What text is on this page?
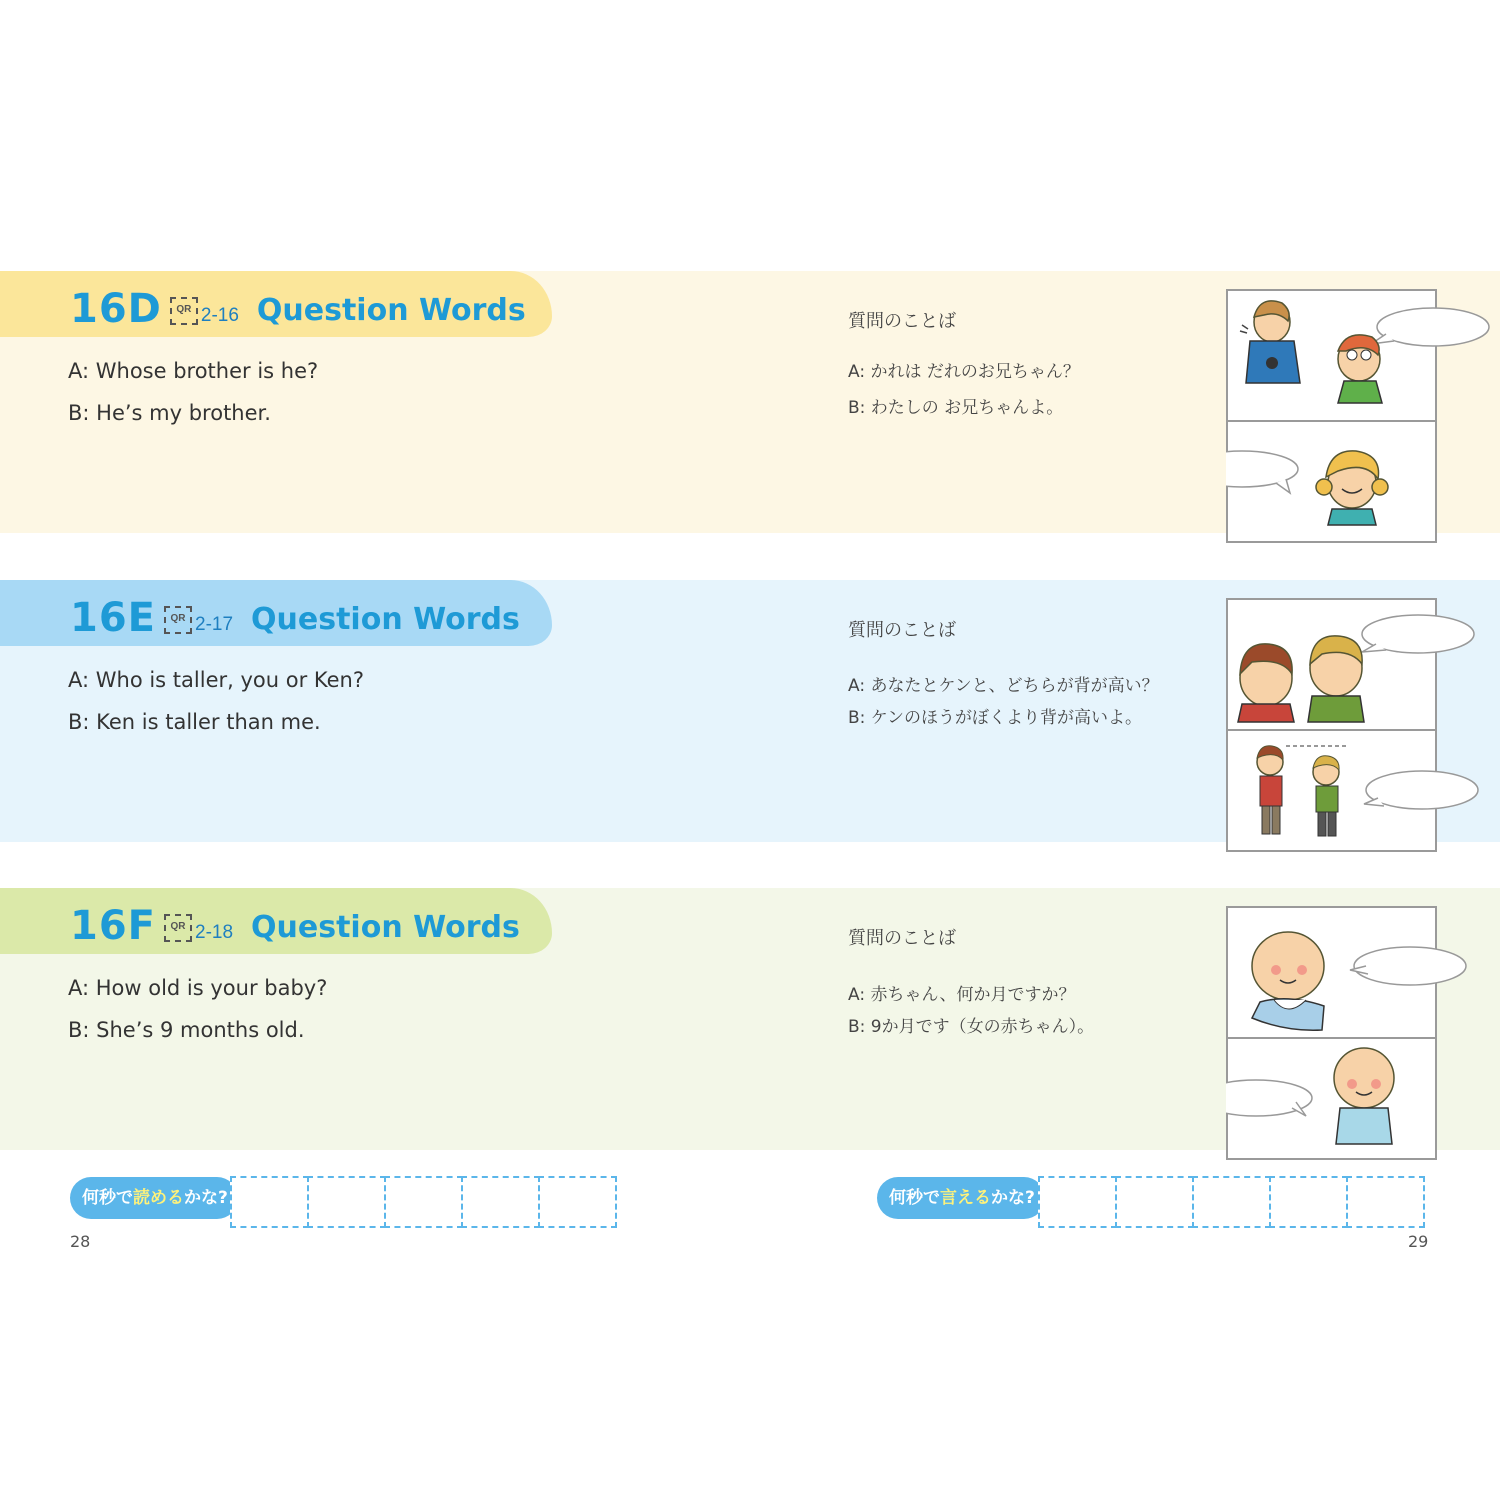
16D	QR 2-16 Question Words
A: Whose brother is he?
B: He’s my brother.
質問のことば
A: かれは だれのお兄ちゃん？
B: わたしの お兄ちゃんよ。
16E	QR 2-17 Question Words
A: Who is taller, you or Ken?
B: Ken is taller than me.
質問のことば
A: あなたとケンと、どちらが背が高い？
B: ケンのほうがぼくより背が高いよ。
16F	QR 2-18 Question Words
A: How old is your baby?
B: She’s 9 months old.
質問のことば
A: 赤ちゃん、何か月ですか？
B: 9か月です（女の赤ちゃん）。
何秒で読めるかな?
28
何秒で言えるかな?
29
